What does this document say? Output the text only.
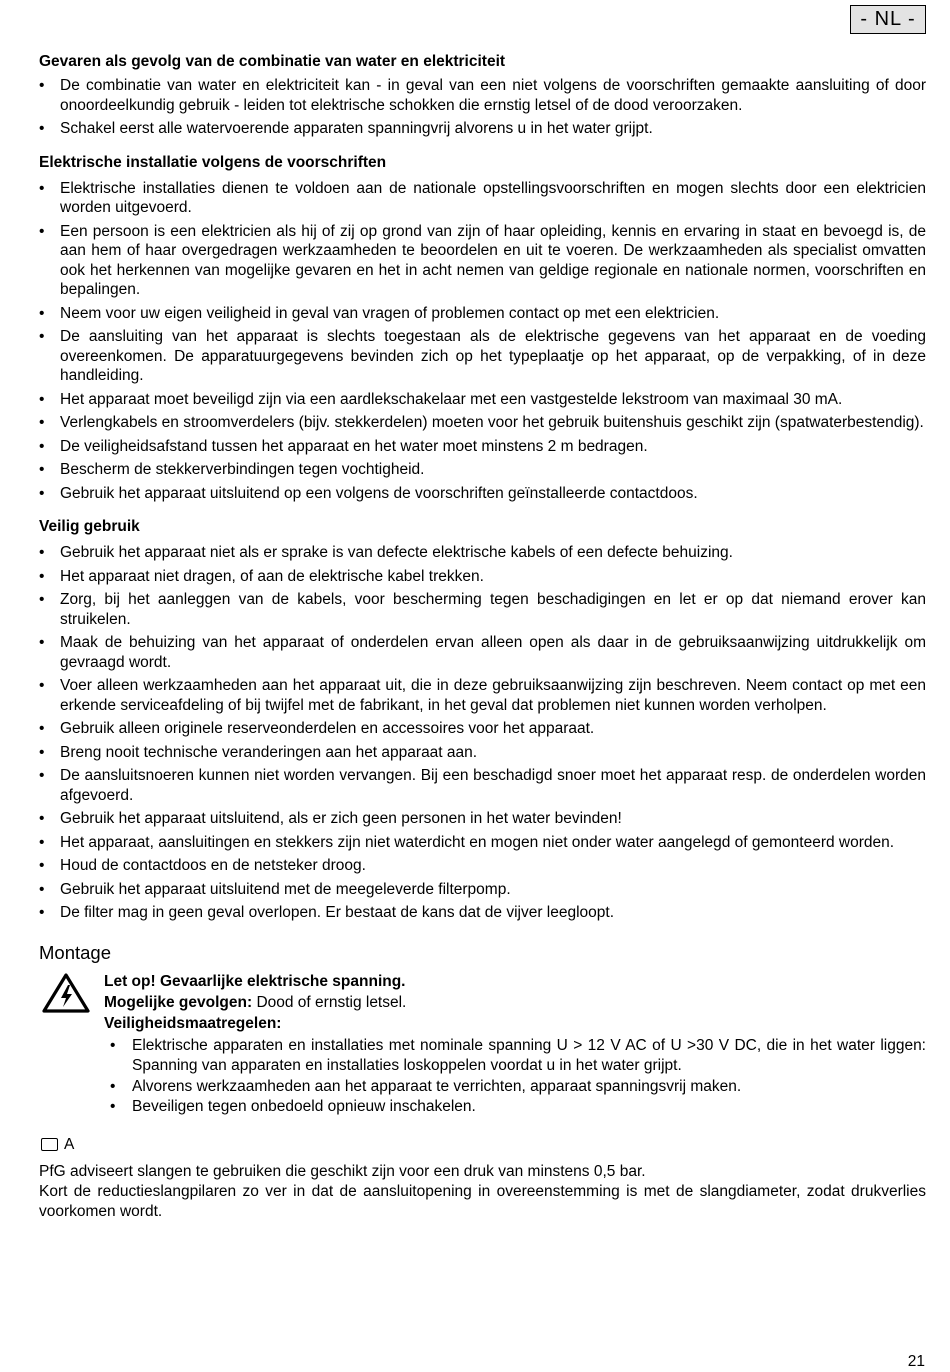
- NL -
Gevaren als gevolg van de combinatie van water en elektriciteit
• De combinatie van water en elektriciteit kan - in geval van een niet volgens de voorschriften gemaakte aansluiting of door onoordeelkundig gebruik - leiden tot elektrische schokken die ernstig letsel of de dood veroorzaken.
• Schakel eerst alle watervoerende apparaten spanningvrij alvorens u in het water grijpt.
Elektrische installatie volgens de voorschriften
• Elektrische installaties dienen te voldoen aan de nationale opstellingsvoorschriften en mogen slechts door een elektricien worden uitgevoerd.
• Een persoon is een elektricien als hij of zij op grond van zijn of haar opleiding, kennis en ervaring in staat en bevoegd is, de aan hem of haar overgedragen werkzaamheden te beoordelen en uit te voeren. De werkzaamheden als specialist omvatten ook het herkennen van mogelijke gevaren en het in acht nemen van geldige regionale en nationale normen, voorschriften en bepalingen.
• Neem voor uw eigen veiligheid in geval van vragen of problemen contact op met een elektricien.
• De aansluiting van het apparaat is slechts toegestaan als de elektrische gegevens van het apparaat en de voeding overeenkomen. De apparatuurgegevens bevinden zich op het typeplaatje op het apparaat, op de verpakking, of in deze handleiding.
• Het apparaat moet beveiligd zijn via een aardlekschakelaar met een vastgestelde lekstroom van maximaal 30 mA.
• Verlengkabels en stroomverdelers (bijv. stekkerdelen) moeten voor het gebruik buitenshuis geschikt zijn (spatwaterbestendig).
• De veiligheidsafstand tussen het apparaat en het water moet minstens 2 m bedragen.
• Bescherm de stekkerverbindingen tegen vochtigheid.
• Gebruik het apparaat uitsluitend op een volgens de voorschriften geïnstalleerde contactdoos.
Veilig gebruik
• Gebruik het apparaat niet als er sprake is van defecte elektrische kabels of een defecte behuizing.
• Het apparaat niet dragen, of aan de elektrische kabel trekken.
• Zorg, bij het aanleggen van de kabels, voor bescherming tegen beschadigingen en let er op dat niemand erover kan struikelen.
• Maak de behuizing van het apparaat of onderdelen ervan alleen open als daar in de gebruiksaanwijzing uitdrukkelijk om gevraagd wordt.
• Voer alleen werkzaamheden aan het apparaat uit, die in deze gebruiksaanwijzing zijn beschreven. Neem contact op met een erkende serviceafdeling of bij twijfel met de fabrikant, in het geval dat problemen niet kunnen worden verholpen.
• Gebruik alleen originele reserveonderdelen en accessoires voor het apparaat.
• Breng nooit technische veranderingen aan het apparaat aan.
• De aansluitsnoeren kunnen niet worden vervangen. Bij een beschadigd snoer moet het apparaat resp. de onderdelen worden afgevoerd.
• Gebruik het apparaat uitsluitend, als er zich geen personen in het water bevinden!
• Het apparaat, aansluitingen en stekkers zijn niet waterdicht en mogen niet onder water aangelegd of gemonteerd worden.
• Houd de contactdoos en de netsteker droog.
• Gebruik het apparaat uitsluitend met de meegeleverde filterpomp.
• De filter mag in geen geval overlopen. Er bestaat de kans dat de vijver leegloopt.
Montage

Let op! Gevaarlijke elektrische spanning.

Mogelijke gevolgen: Dood of ernstig letsel.

Veiligheidsmaatregelen:

• Elektrische apparaten en installaties met nominale spanning U > 12 V AC of U >30 V DC, die in het water liggen: Spanning van apparaten en installaties loskoppelen voordat u in het water grijpt.
• Alvorens werkzaamheden aan het apparaat te verrichten, apparaat spanningsvrij maken.
• Beveiligen tegen onbedoeld opnieuw inschakelen.
A

PfG adviseert slangen te gebruiken die geschikt zijn voor een druk van minstens 0,5 bar.

Kort de reductieslangpilaren zo ver in dat de aansluitopening in overeenstemming is met de slangdiameter, zodat drukverlies voorkomen wordt.

21
